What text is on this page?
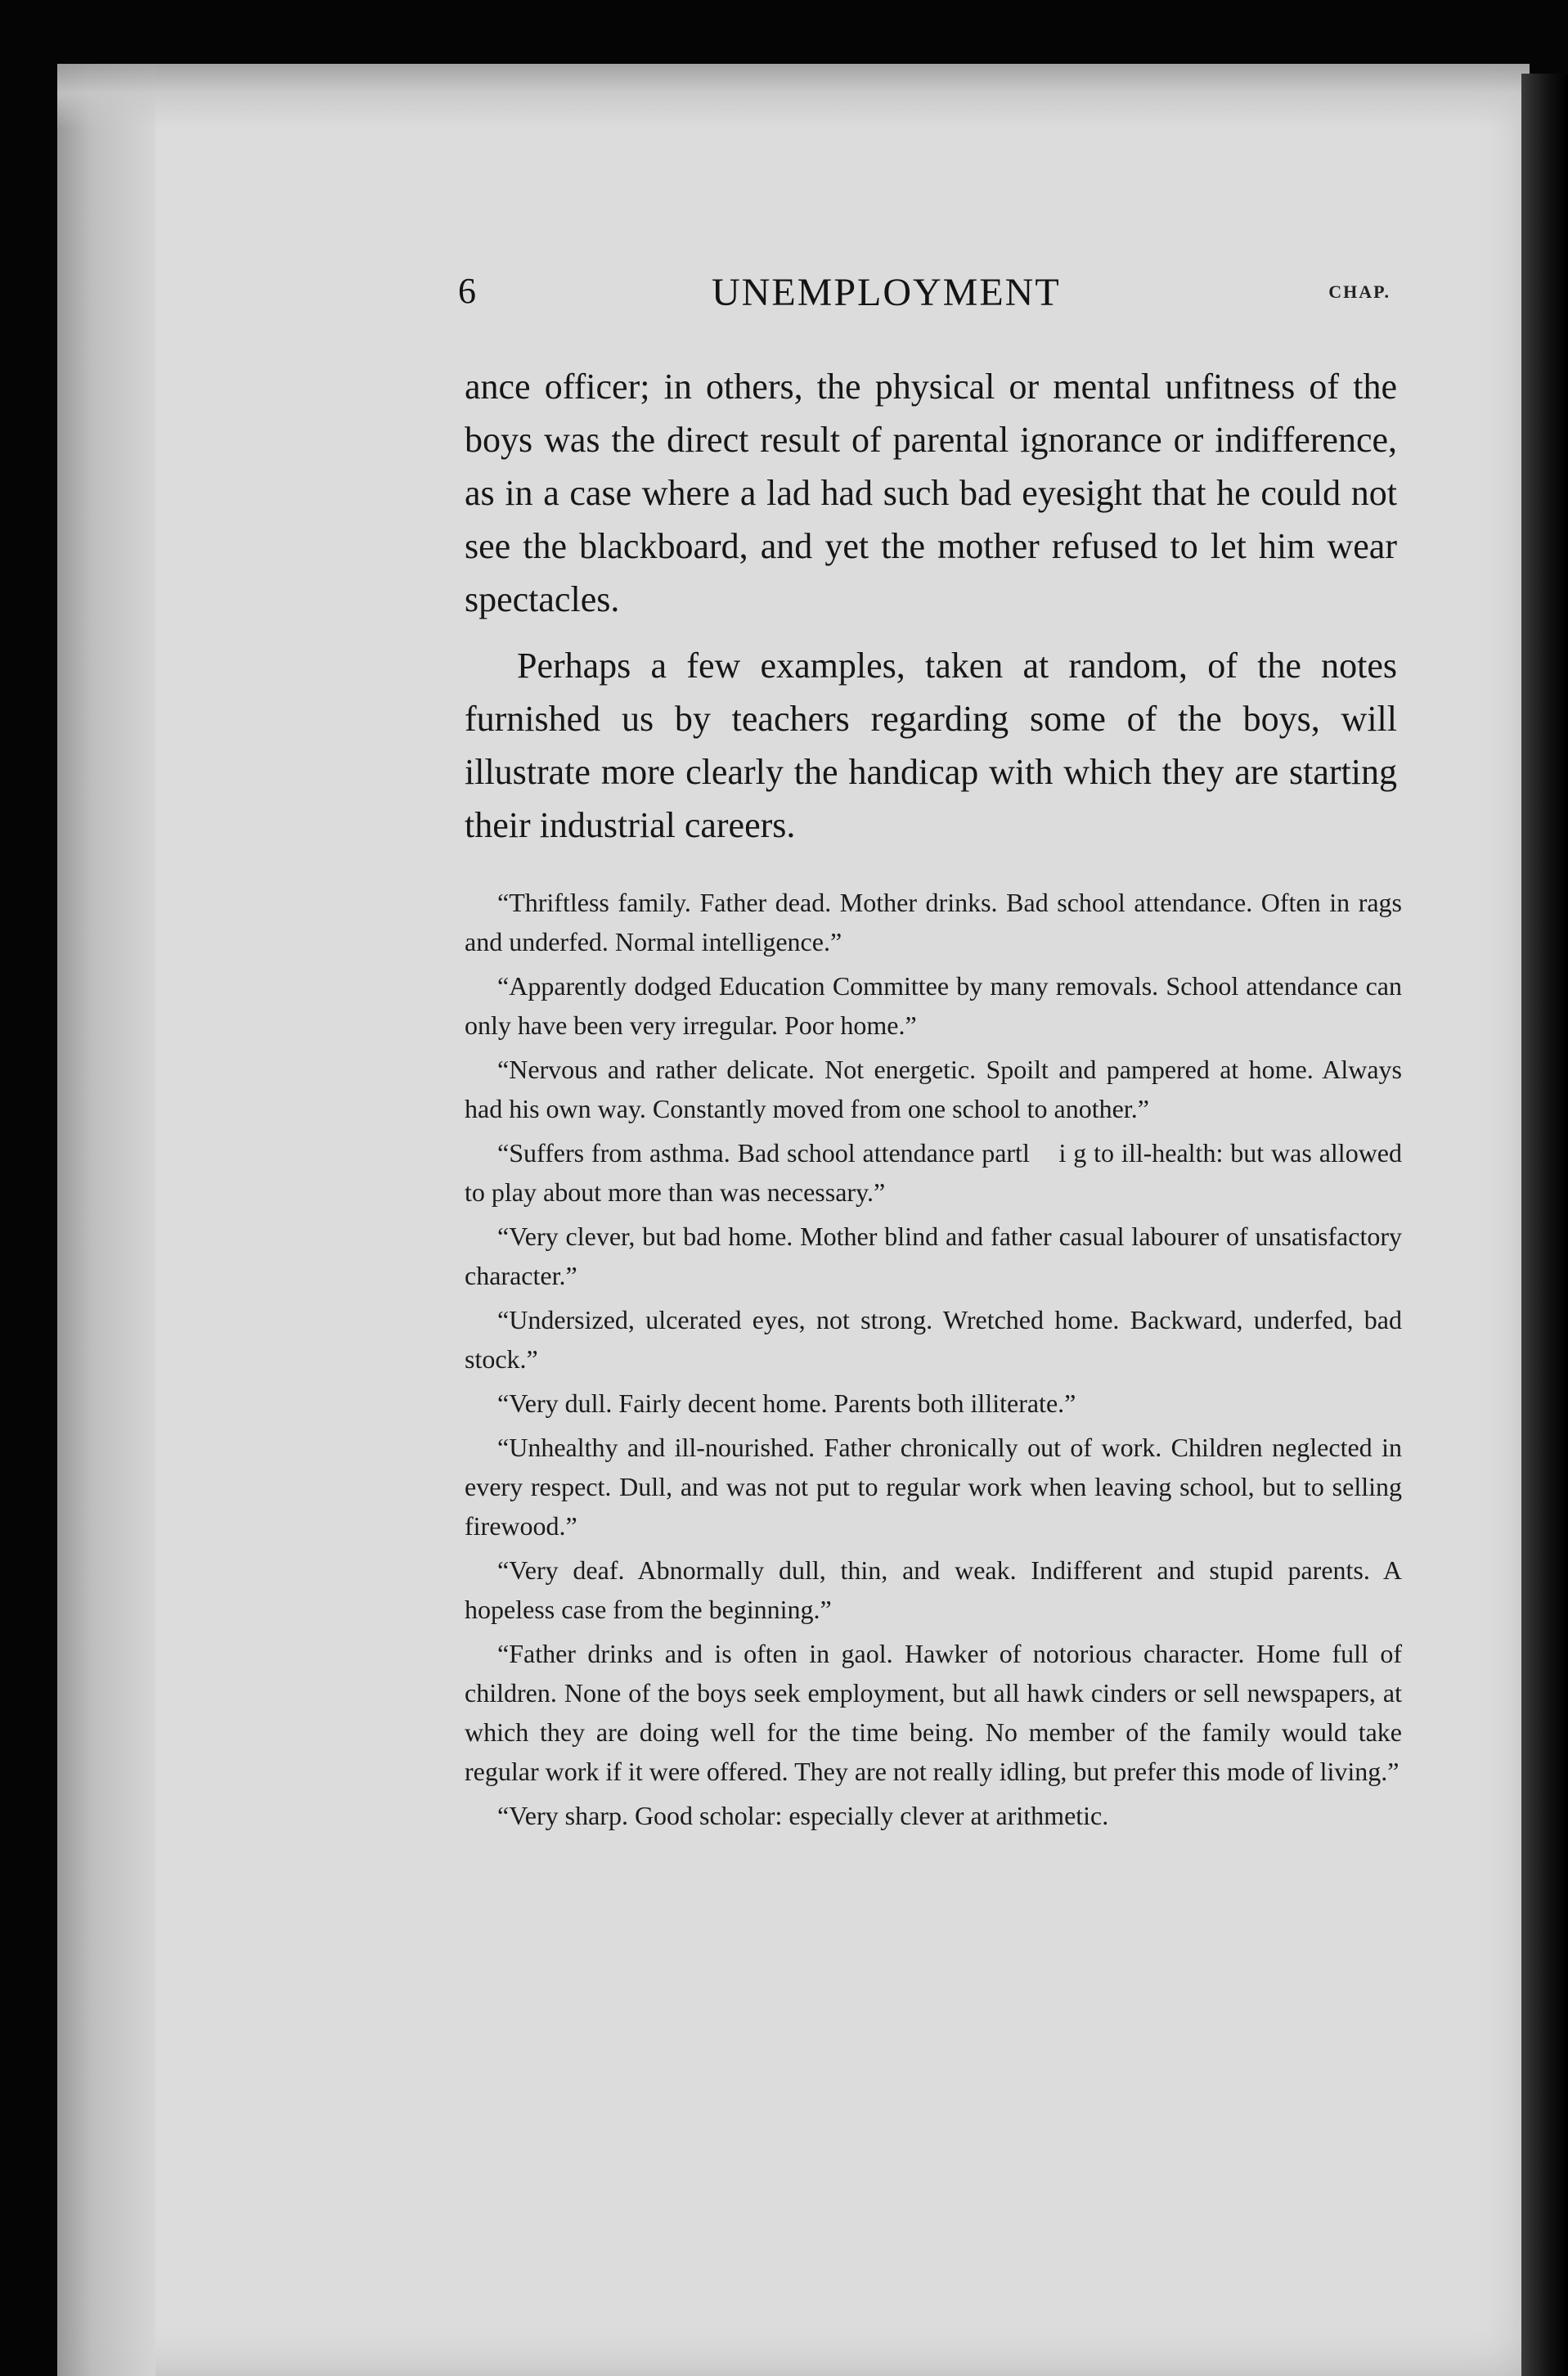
6	UNEMPLOYMENT	CHAP.

ance officer; in others, the physical or mental unfitness of the boys was the direct result of parental ignorance or indifference, as in a case where a lad had such bad eyesight that he could not see the blackboard, and yet the mother refused to let him wear spectacles.

Perhaps a few examples, taken at random, of the notes furnished us by teachers regarding some of the boys, will illustrate more clearly the handicap with which they are starting their industrial careers.

“Thriftless family. Father dead. Mother drinks. Bad school attendance. Often in rags and underfed. Normal intelligence.”

“Apparently dodged Education Committee by many removals. School attendance can only have been very irregular. Poor home.”

“Nervous and rather delicate. Not energetic. Spoilt and pampered at home. Always had his own way. Constantly moved from one school to another.”

“Suffers from asthma. Bad school attendance partl    i g to ill-health: but was allowed to play about more than was necessary.”

“Very clever, but bad home. Mother blind and father casual labourer of unsatisfactory character.”

“Undersized, ulcerated eyes, not strong. Wretched home. Backward, underfed, bad stock.”

“Very dull. Fairly decent home. Parents both illiterate.”

“Unhealthy and ill-nourished. Father chronically out of work. Children neglected in every respect. Dull, and was not put to regular work when leaving school, but to selling firewood.”

“Very deaf. Abnormally dull, thin, and weak. Indifferent and stupid parents. A hopeless case from the beginning.”

“Father drinks and is often in gaol. Hawker of notorious character. Home full of children. None of the boys seek employment, but all hawk cinders or sell newspapers, at which they are doing well for the time being. No member of the family would take regular work if it were offered. They are not really idling, but prefer this mode of living.”

“Very sharp. Good scholar: especially clever at arithmetic.
